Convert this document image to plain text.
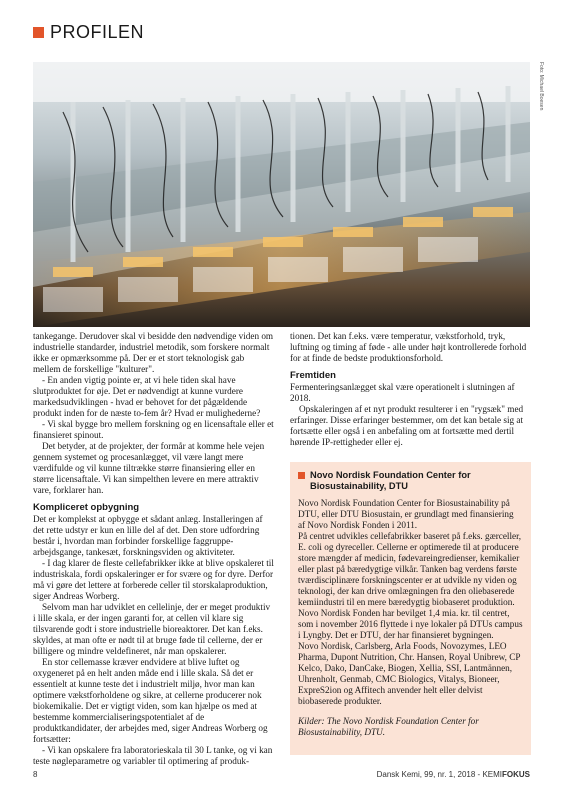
PROFILEN
Foto: Michael Boesen

tankegange. Derudover skal vi besidde den nødvendige viden om industrielle standarder, industriel metodik, som forskere normalt ikke er opmærksomme på. Der er et stort teknologisk gab mellem de forskellige "kulturer".

- En anden vigtig pointe er, at vi hele tiden skal have slutproduktet for øje. Det er nødvendigt at kunne vurdere markedsudviklingen - hvad er behovet for det pågældende produkt inden for de næste to-fem år? Hvad er mulighederne?

- Vi skal bygge bro mellem forskning og en licensaftale eller et finansieret spinout.

Det betyder, at de projekter, der formår at komme hele vejen gennem systemet og procesanlægget, vil være langt mere værdifulde og vil kunne tiltrække større finansiering eller en større licensaftale. Vi kan simpelthen levere en mere attraktiv vare, forklarer han.

Kompliceret opbygning

Det er komplekst at opbygge et sådant anlæg. Installeringen af det rette udstyr er kun en lille del af det. Den store udfordring består i, hvordan man forbinder forskellige faggruppe-arbejdsgange, tankesæt, forskningsviden og aktiviteter.

- I dag klarer de fleste cellefabrikker ikke at blive opskaleret til industriskala, fordi opskaleringer er for svære og for dyre. Derfor må vi gøre det lettere at forberede celler til storskalaproduktion, siger Andreas Worberg.

Selvom man har udviklet en cellelinje, der er meget produktiv i lille skala, er der ingen garanti for, at cellen vil klare sig tilsvarende godt i store industrielle bioreaktorer. Det kan f.eks. skyldes, at man ofte er nødt til at bruge føde til cellerne, der er billigere og mindre veldefineret, når man opskalerer.

En stor cellemasse kræver endvidere at blive luftet og oxygeneret på en helt anden måde end i lille skala. Så det er essentielt at kunne teste det i industrielt miljø, hvor man kan optimere vækstforholdene og sikre, at cellerne producerer nok biokemikalie. Det er vigtigt viden, som kan hjælpe os med at bestemme kommercialiseringspotentialet af de produktkandidater, der arbejdes med, siger Andreas Worberg og fortsætter:

- Vi kan opskalere fra laboratorieskala til 30 L tanke, og vi kan teste nøgleparametre og variabler til optimering af produk-

tionen. Det kan f.eks. være temperatur, vækstforhold, tryk, luftning og timing af føde - alle under højt kontrollerede forhold for at finde de bedste produktionsforhold.

Fremtiden

Fermenteringsanlægget skal være operationelt i slutningen af 2018.

Opskaleringen af et nyt produkt resulterer i en "rygsæk" med erfaringer. Disse erfaringer bestemmer, om det kan betale sig at fortsætte eller også i en anbefaling om at fortsætte med dertil hørende IP-rettigheder eller ej.

Novo Nordisk Foundation Center for Biosustainability, DTU

Novo Nordisk Foundation Center for Biosustainability på DTU, eller DTU Biosustain, er grundlagt med finansiering af Novo Nordisk Fonden i 2011.

På centret udvikles cellefabrikker baseret på f.eks. gærceller, E. coli og dyreceller. Cellerne er optimerede til at producere store mængder af medicin, fødevareingredienser, kemikalier eller plast på bæredygtige vilkår. Tanken bag verdens første tværdisciplinære forskningscenter er at udvikle ny viden og teknologi, der kan drive omlægningen fra den oliebaserede kemiindustri til en mere bæredygtig biobaseret produktion.

Novo Nordisk Fonden har bevilget 1,4 mia. kr. til centret, som i november 2016 flyttede i nye lokaler på DTUs campus i Lyngby. Det er DTU, der har finansieret bygningen.

Novo Nordisk, Carlsberg, Arla Foods, Novozymes, LEO Pharma, Dupont Nutrition, Chr. Hansen, Royal Unibrew, CP Kelco, Dako, DanCake, Biogen, Xellia, SSI, Lantmännen, Uhrenholt, Genmab, CMC Biologics, Vitalys, Bioneer, ExpreS2ion og Affitech anvender helt eller delvist biobaserede produkter.

Kilder: The Novo Nordisk Foundation Center for Biosustainability, DTU.

8	Dansk Kemi, 99, nr. 1, 2018 - KEMIFOKUS
